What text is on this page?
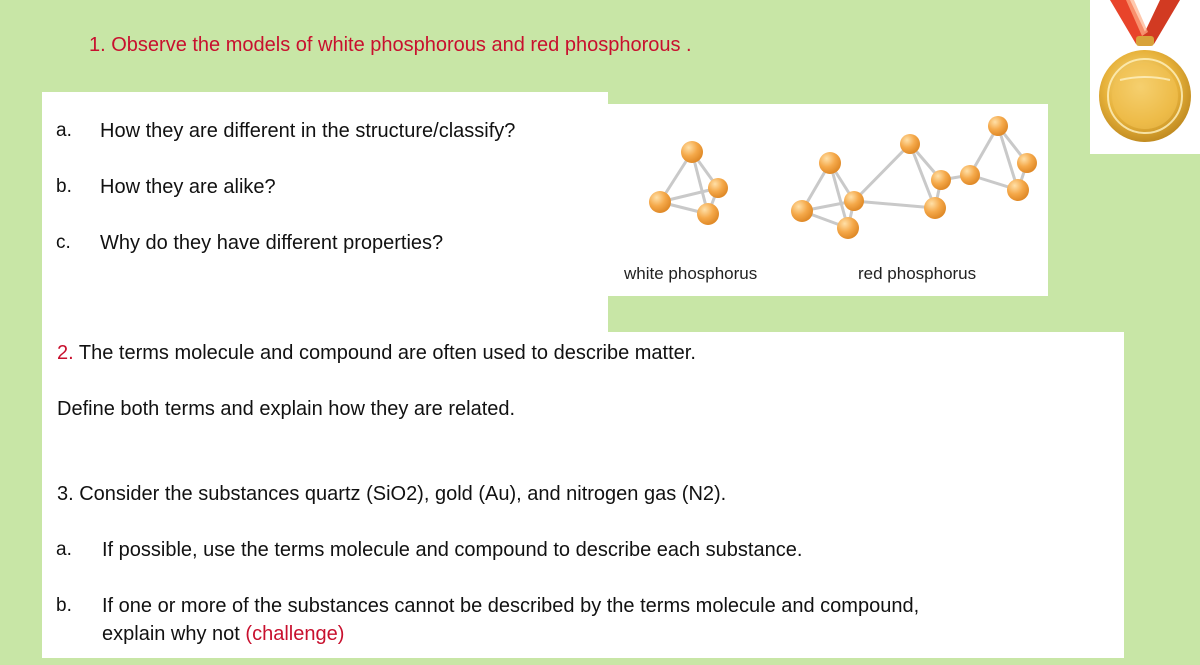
1. Observe the models of white phosphorous and red phosphorous .
a. How they are different in the structure/classify?
b. How they are alike?
c. Why do they have different properties?
white phosphorus	red phosphorus
2. The terms molecule and compound are often used to describe matter.
Define both terms and explain how they are related.
3. Consider the substances quartz (SiO2), gold (Au), and nitrogen gas (N2).
a. If possible, use the terms molecule and compound to describe each substance.
b. If one or more of the substances cannot be described by the terms molecule and compound,
explain why not (challenge)
